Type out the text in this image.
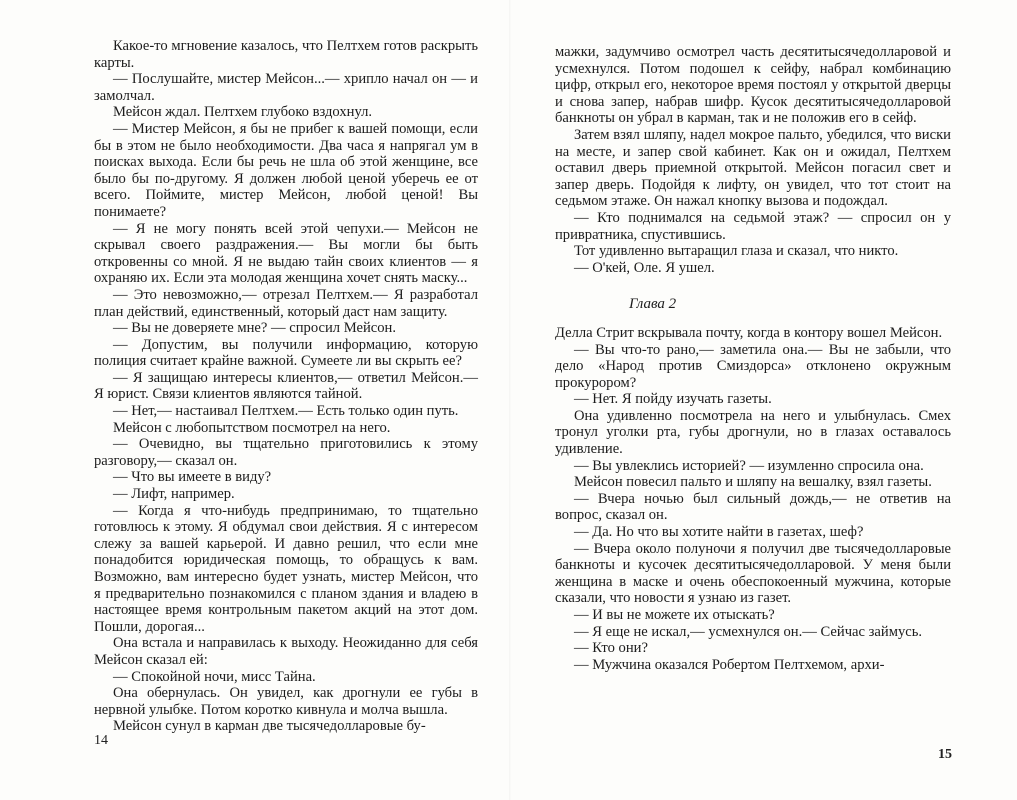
Какое-то мгновение казалось, что Пелтхем готов раскрыть карты.

— Послушайте, мистер Мейсон...— хрипло начал он — и замолчал.

Мейсон ждал. Пелтхем глубоко вздохнул.

— Мистер Мейсон, я бы не прибег к вашей помощи, если бы в этом не было необходимости. Два часа я напрягал ум в поисках выхода. Если бы речь не шла об этой женщине, все было бы по-другому. Я должен любой ценой уберечь ее от всего. Поймите, мистер Мейсон, любой ценой! Вы понимаете?

— Я не могу понять всей этой чепухи.— Мейсон не скрывал своего раздражения.— Вы могли бы быть откровенны со мной. Я не выдаю тайн своих клиентов — я охраняю их. Если эта молодая женщина хочет снять маску...

— Это невозможно,— отрезал Пелтхем.— Я разработал план действий, единственный, который даст нам защиту.

— Вы не доверяете мне? — спросил Мейсон.

— Допустим, вы получили информацию, которую полиция считает крайне важной. Сумеете ли вы скрыть ее?

— Я защищаю интересы клиентов,— ответил Мейсон.— Я юрист. Связи клиентов являются тайной.

— Нет,— настаивал Пелтхем.— Есть только один путь.

Мейсон с любопытством посмотрел на него.

— Очевидно, вы тщательно приготовились к этому разговору,— сказал он.

— Что вы имеете в виду?

— Лифт, например.

— Когда я что-нибудь предпринимаю, то тщательно готовлюсь к этому. Я обдумал свои действия. Я с интересом слежу за вашей карьерой. И давно решил, что если мне понадобится юридическая помощь, то обращусь к вам. Возможно, вам интересно будет узнать, мистер Мейсон, что я предварительно познакомился с планом здания и владею в настоящее время контрольным пакетом акций на этот дом. Пошли, дорогая...

Она встала и направилась к выходу. Неожиданно для себя Мейсон сказал ей:

— Спокойной ночи, мисс Тайна.

Она обернулась. Он увидел, как дрогнули ее губы в нервной улыбке. Потом коротко кивнула и молча вышла.

Мейсон сунул в карман две тысячедолларовые бу-

14

мажки, задумчиво осмотрел часть десятитысячедолларовой и усмехнулся. Потом подошел к сейфу, набрал комбинацию цифр, открыл его, некоторое время постоял у открытой дверцы и снова запер, набрав шифр. Кусок десятитысячедолларовой банкноты он убрал в карман, так и не положив его в сейф.

Затем взял шляпу, надел мокрое пальто, убедился, что виски на месте, и запер свой кабинет. Как он и ожидал, Пелтхем оставил дверь приемной открытой. Мейсон погасил свет и запер дверь. Подойдя к лифту, он увидел, что тот стоит на седьмом этаже. Он нажал кнопку вызова и подождал.

— Кто поднимался на седьмой этаж? — спросил он у привратника, спустившись.

Тот удивленно вытаращил глаза и сказал, что никто.

— О'кей, Оле. Я ушел.

Глава 2

Делла Стрит вскрывала почту, когда в контору вошел Мейсон.

— Вы что-то рано,— заметила она.— Вы не забыли, что дело «Народ против Смиздорса» отклонено окружным прокурором?

— Нет. Я пойду изучать газеты.

Она удивленно посмотрела на него и улыбнулась. Смех тронул уголки рта, губы дрогнули, но в глазах оставалось удивление.

— Вы увлеклись историей? — изумленно спросила она.

Мейсон повесил пальто и шляпу на вешалку, взял газеты.

— Вчера ночью был сильный дождь,— не ответив на вопрос, сказал он.

— Да. Но что вы хотите найти в газетах, шеф?

— Вчера около полуночи я получил две тысячедолларовые банкноты и кусочек десятитысячедолларовой. У меня были женщина в маске и очень обеспокоенный мужчина, которые сказали, что новости я узнаю из газет.

— И вы не можете их отыскать?

— Я еще не искал,— усмехнулся он.— Сейчас займусь.

— Кто они?

— Мужчина оказался Робертом Пелтхемом, архи-

15
